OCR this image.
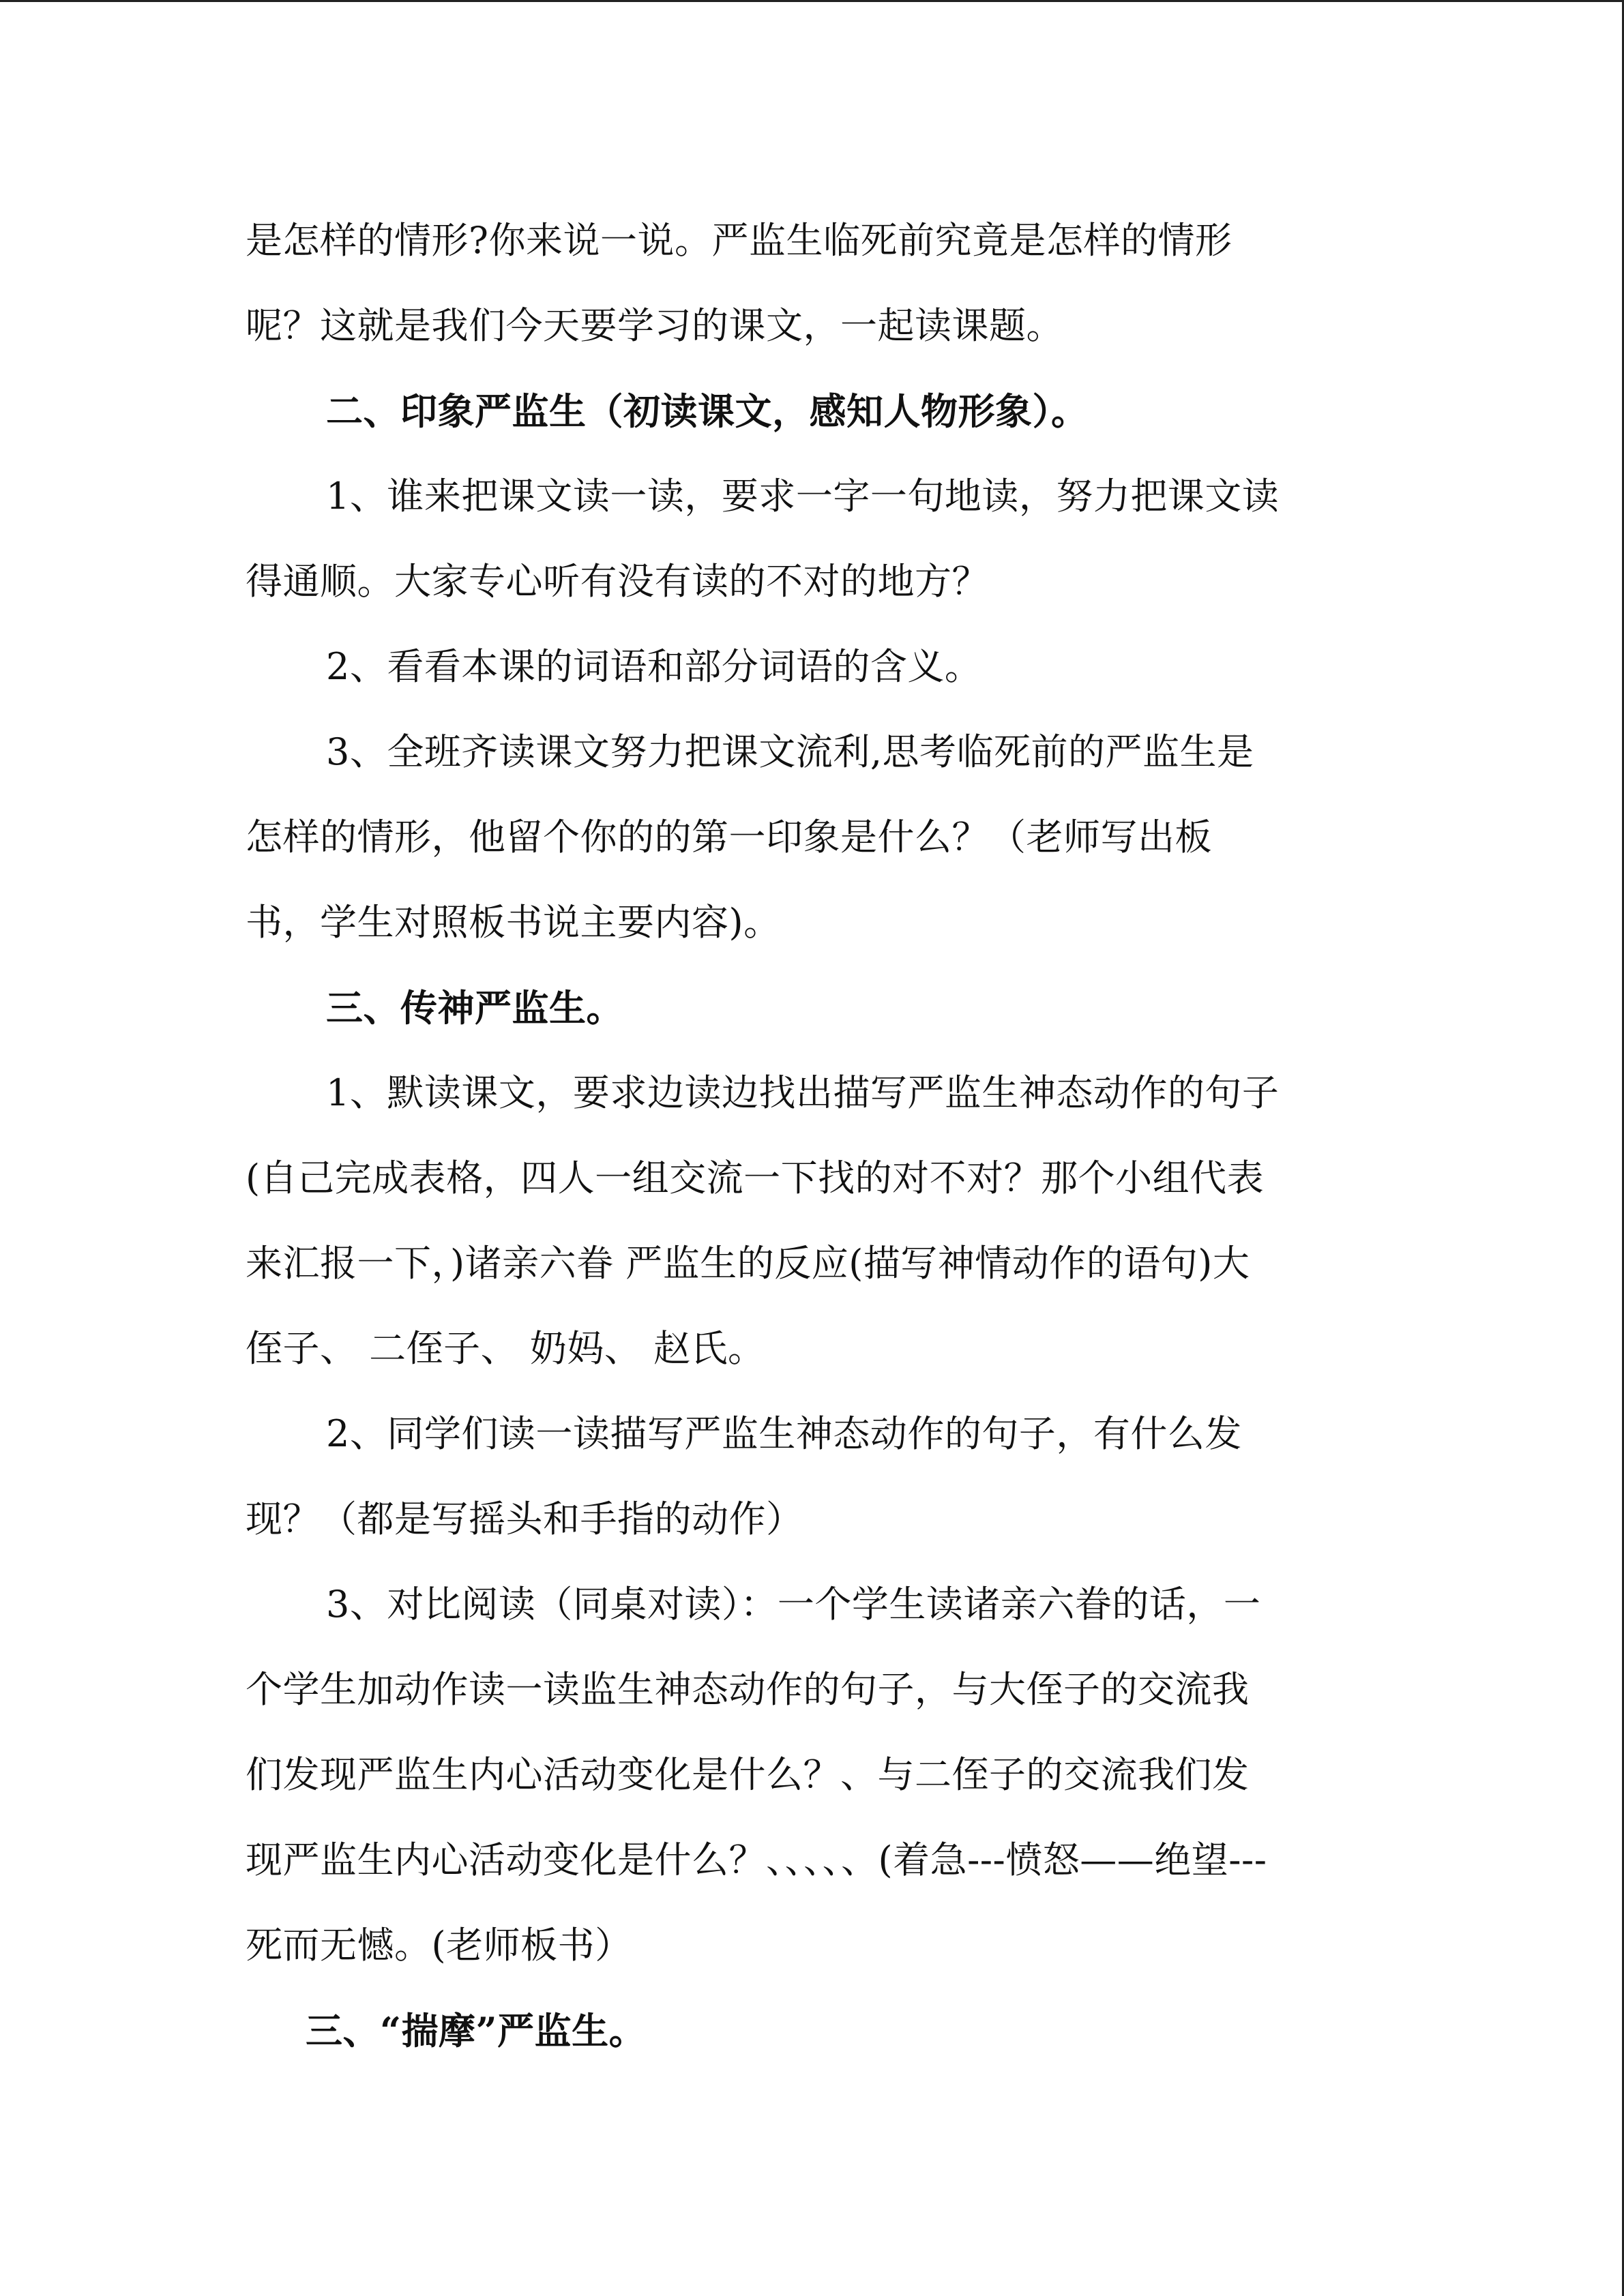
是怎样的情形?你来说一说。严监生临死前究竟是怎样的情形
呢？这就是我们今天要学习的课文，一起读课题。
二、印象严监生（初读课文，感知人物形象）。
1、谁来把课文读一读，要求一字一句地读，努力把课文读
得通顺。大家专心听有没有读的不对的地方？
2、看看本课的词语和部分词语的含义。
3、全班齐读课文努力把课文流利,思考临死前的严监生是
怎样的情形，他留个你的的第一印象是什么？（老师写出板
书，学生对照板书说主要内容)。
三、传神严监生。
1、默读课文，要求边读边找出描写严监生神态动作的句子
(自己完成表格，四人一组交流一下找的对不对？那个小组代表
来汇报一下，)诸亲六眷 严监生的反应(描写神情动作的语句)大
侄子、 二侄子、 奶妈、 赵氏。
2、同学们读一读描写严监生神态动作的句子，有什么发
现？（都是写摇头和手指的动作）
3、对比阅读（同桌对读）：一个学生读诸亲六眷的话，一
个学生加动作读一读监生神态动作的句子，与大侄子的交流我
们发现严监生内心活动变化是什么？、与二侄子的交流我们发
现严监生内心活动变化是什么？、、、、、(着急---愤怒——绝望---
死而无憾。(老师板书）
三、“揣摩”严监生。
